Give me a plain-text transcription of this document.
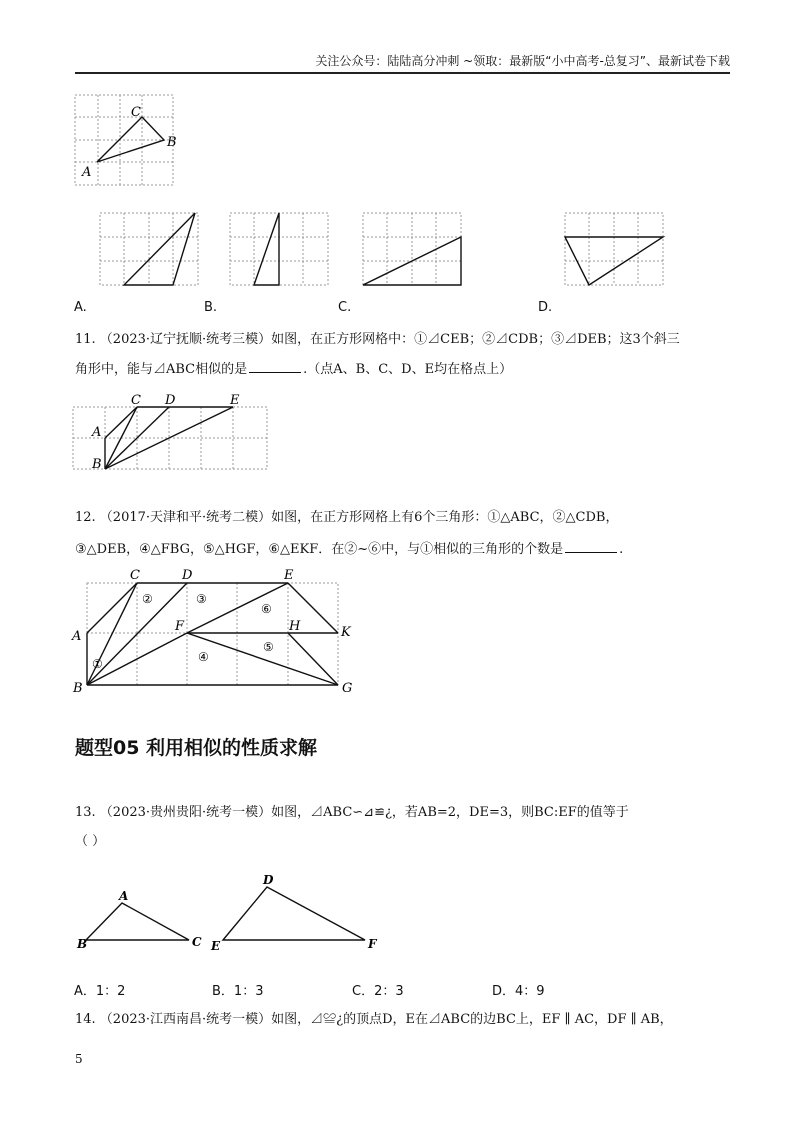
关注公众号：陆陆高分冲刺 ~领取：最新版“小中高考-总复习”、最新试卷下载
C
B
A
A.	B.	C.	D.
11. （2023·辽宁抚顺·统考三模）如图，在正方形网格中：①⊿CEB；②⊿CDB；③⊿DEB；这3个斜三
角形中，能与⊿ABC相似的是	.（点A、B、C、D、E均在格点上）
C D	E
A
B
12. （2017·天津和平·统考二模）如图，在正方形网格上有6个三角形：①△ABC，②△CDB，
③△DEB，④△FBG，⑤△HGF，⑥△EKF．在②~⑥中，与①相似的三角形的个数是	.
C	D	E
A
F	H	K
B	G
①
②	③
⑥
⑤
④
题型05 利用相似的性质求解
13. （2023·贵州贵阳·统考一模）如图，⊿ABC∽⊿≌¿，若AB=2，DE=3，则BC:EF的值等于
（ ）
A
B	C
D
E	F
A．1：2	B．1：3	C．2：3	D．4：9
14. （2023·江西南昌·统考一模）如图，⊿≌¿的顶点D，E在⊿ABC的边BC上，EF ∥ AC，DF ∥ AB，
5
